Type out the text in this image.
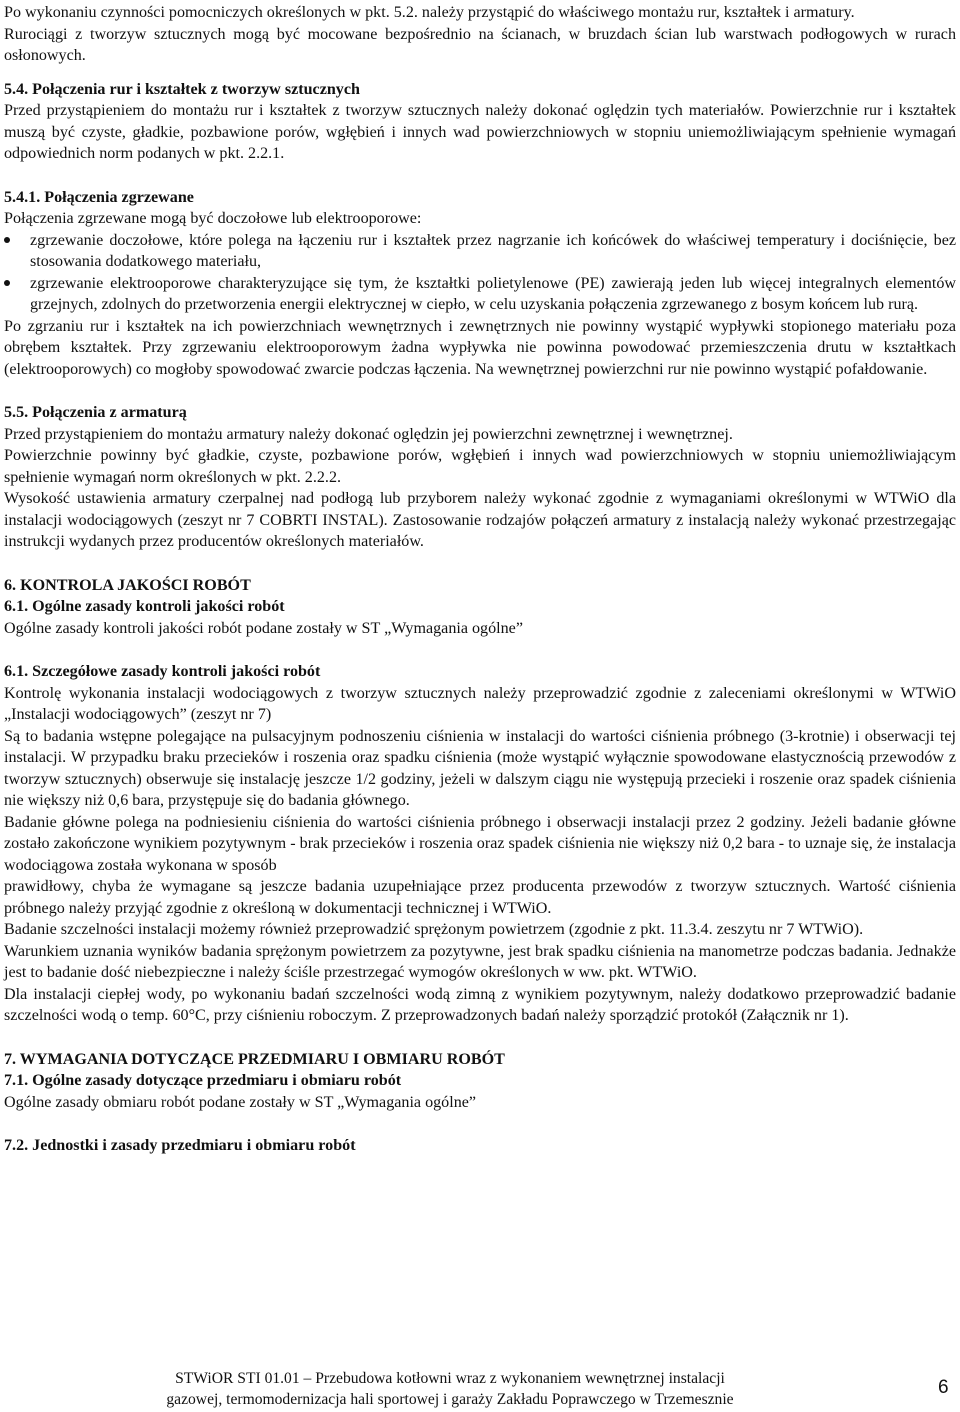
Po wykonaniu czynności pomocniczych określonych w pkt. 5.2. należy przystąpić do właściwego montażu rur, kształtek i armatury.

Rurociągi z tworzyw sztucznych mogą być mocowane bezpośrednio na ścianach, w bruzdach ścian lub warstwach podłogowych w rurach osłonowych.

5.4. Połączenia rur i kształtek z tworzyw sztucznych

Przed przystąpieniem do montażu rur i kształtek z tworzyw sztucznych należy dokonać oględzin tych materiałów. Powierzchnie rur i kształtek muszą być czyste, gładkie, pozbawione porów, wgłębień i innych wad powierzchniowych w stopniu uniemożliwiającym spełnienie wymagań odpowiednich norm podanych w pkt. 2.2.1.

5.4.1. Połączenia zgrzewane

Połączenia zgrzewane mogą być doczołowe lub elektrooporowe:

zgrzewanie doczołowe, które polega na łączeniu rur i kształtek przez nagrzanie ich końcówek do właściwej temperatury i dociśnięcie, bez stosowania dodatkowego materiału,
zgrzewanie elektrooporowe charakteryzujące się tym, że kształtki polietylenowe (PE) zawierają jeden lub więcej integralnych elementów grzejnych, zdolnych do przetworzenia energii elektrycznej w ciepło, w celu uzyskania połączenia zgrzewanego z bosym końcem lub rurą.

Po zgrzaniu rur i kształtek na ich powierzchniach wewnętrznych i zewnętrznych nie powinny wystąpić wypływki stopionego materiału poza obrębem kształtek. Przy zgrzewaniu elektrooporowym żadna wypływka nie powinna powodować przemieszczenia drutu w kształtkach (elektrooporowych) co mogłoby spowodować zwarcie podczas łączenia. Na wewnętrznej powierzchni rur nie powinno wystąpić pofałdowanie.

5.5. Połączenia z armaturą

Przed przystąpieniem do montażu armatury należy dokonać oględzin jej powierzchni zewnętrznej i wewnętrznej.

Powierzchnie powinny być gładkie, czyste, pozbawione porów, wgłębień i innych wad powierzchniowych w stopniu uniemożliwiającym spełnienie wymagań norm określonych w pkt. 2.2.2.

Wysokość ustawienia armatury czerpalnej nad podłogą lub przyborem należy wykonać zgodnie z wymaganiami określonymi w WTWiO dla instalacji wodociągowych (zeszyt nr 7 COBRTI INSTAL). Zastosowanie rodzajów połączeń armatury z instalacją należy wykonać przestrzegając instrukcji wydanych przez producentów określonych materiałów.

6. KONTROLA JAKOŚCI ROBÓT

6.1. Ogólne zasady kontroli jakości robót

Ogólne zasady kontroli jakości robót podane zostały w ST „Wymagania ogólne”

6.1. Szczegółowe zasady kontroli jakości robót

Kontrolę wykonania instalacji wodociągowych z tworzyw sztucznych należy przeprowadzić zgodnie z zaleceniami określonymi w WTWiO „Instalacji wodociągowych” (zeszyt nr 7)

Są to badania wstępne polegające na pulsacyjnym podnoszeniu ciśnienia w instalacji do wartości ciśnienia próbnego (3-krotnie) i obserwacji tej instalacji. W przypadku braku przecieków i roszenia oraz spadku ciśnienia (może wystąpić wyłącznie spowodowane elastycznością przewodów z tworzyw sztucznych) obserwuje się instalację jeszcze 1/2 godziny, jeżeli w dalszym ciągu nie występują przecieki i roszenie oraz spadek ciśnienia nie większy niż 0,6 bara, przystępuje się do badania głównego.

Badanie główne polega na podniesieniu ciśnienia do wartości ciśnienia próbnego i obserwacji instalacji przez 2 godziny. Jeżeli badanie główne zostało zakończone wynikiem pozytywnym - brak przecieków i roszenia oraz spadek ciśnienia nie większy niż 0,2 bara - to uznaje się, że instalacja wodociągowa została wykonana w sposób

prawidłowy, chyba że wymagane są jeszcze badania uzupełniające przez producenta przewodów z tworzyw sztucznych. Wartość ciśnienia próbnego należy przyjąć zgodnie z określoną w dokumentacji technicznej i WTWiO.

Badanie szczelności instalacji możemy również przeprowadzić sprężonym powietrzem (zgodnie z pkt. 11.3.4. zeszytu nr 7 WTWiO).

Warunkiem uznania wyników badania sprężonym powietrzem za pozytywne, jest brak spadku ciśnienia na manometrze podczas badania. Jednakże jest to badanie dość niebezpieczne i należy ściśle przestrzegać wymogów określonych w ww. pkt. WTWiO.

Dla instalacji ciepłej wody, po wykonaniu badań szczelności wodą zimną z wynikiem pozytywnym, należy dodatkowo przeprowadzić badanie szczelności wodą o temp. 60°C, przy ciśnieniu roboczym. Z przeprowadzonych badań należy sporządzić protokół (Załącznik nr 1).

7. WYMAGANIA DOTYCZĄCE PRZEDMIARU I OBMIARU ROBÓT

7.1. Ogólne zasady dotyczące przedmiaru i obmiaru robót

Ogólne zasady obmiaru robót podane zostały w ST „Wymagania ogólne”

7.2. Jednostki i zasady przedmiaru i obmiaru robót

STWiOR STI 01.01 – Przebudowa kotłowni wraz z wykonaniem wewnętrznej instalacji

gazowej, termomodernizacja hali sportowej i garaży Zakładu Poprawczego w Trzemesznie

6
